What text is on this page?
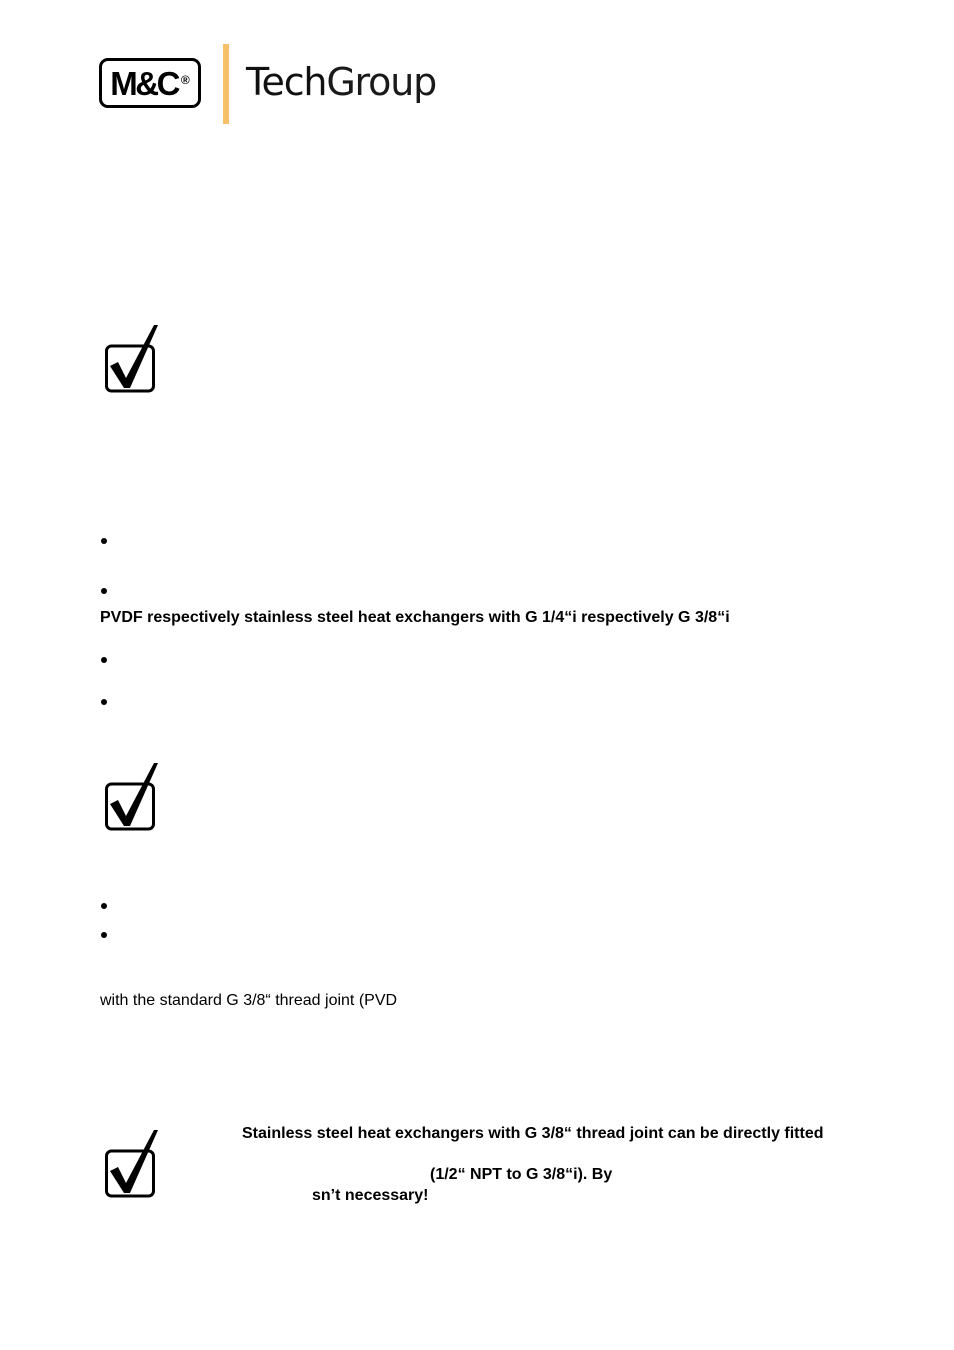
M&C ® TechGroup
PVDF respectively stainless steel heat exchangers with G 1/4“i respectively G 3/8“i
with the standard G 3/8“ thread joint (PVD
Stainless steel heat exchangers with G 3/8“ thread joint can be directly fitted
(1/2“ NPT to G 3/8“i). By
sn’t necessary!
